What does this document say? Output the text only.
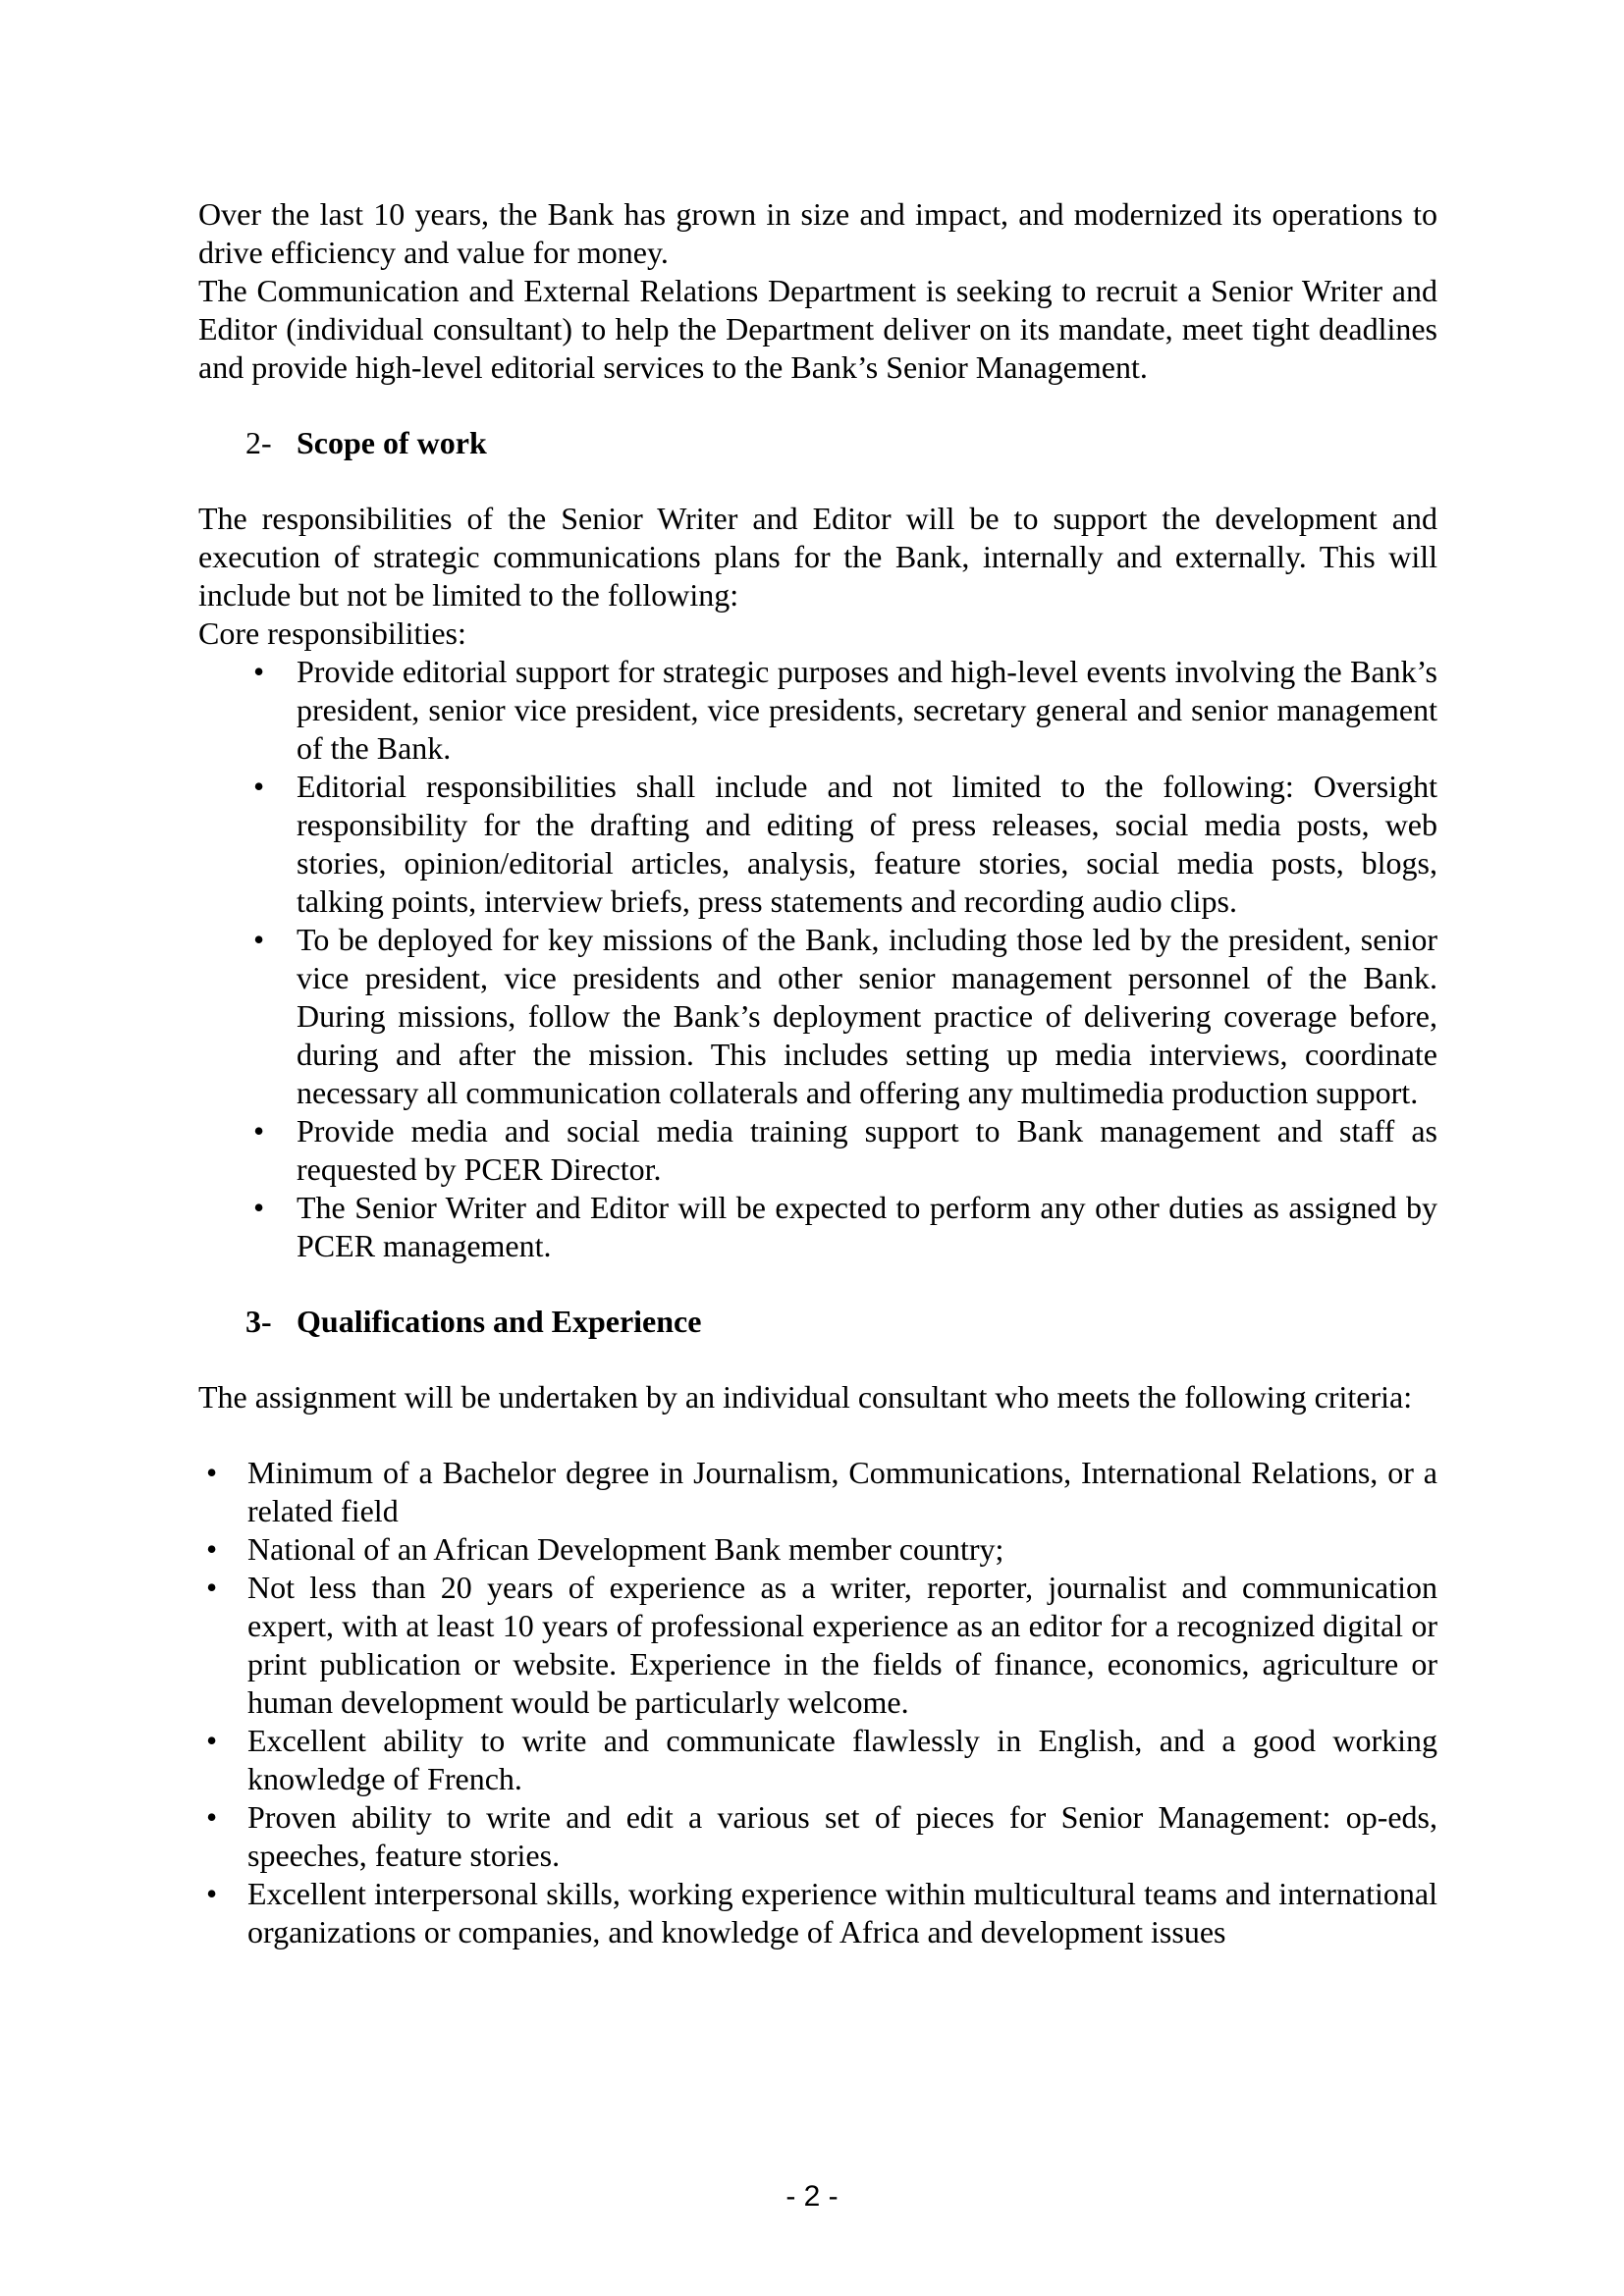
Over the last 10 years, the Bank has grown in size and impact, and modernized its operations to drive efficiency and value for money.

The Communication and External Relations Department is seeking to recruit a Senior Writer and Editor (individual consultant) to help the Department deliver on its mandate, meet tight deadlines and provide high-level editorial services to the Bank’s Senior Management.

2- Scope of work

The responsibilities of the Senior Writer and Editor will be to support the development and execution of strategic communications plans for the Bank, internally and externally. This will include but not be limited to the following:

Core responsibilities:

• Provide editorial support for strategic purposes and high-level events involving the Bank’s president, senior vice president, vice presidents, secretary general and senior management of the Bank.
• Editorial responsibilities shall include and not limited to the following: Oversight responsibility for the drafting and editing of press releases, social media posts, web stories, opinion/editorial articles, analysis, feature stories, social media posts, blogs, talking points, interview briefs, press statements and recording audio clips.
• To be deployed for key missions of the Bank, including those led by the president, senior vice president, vice presidents and other senior management personnel of the Bank. During missions, follow the Bank’s deployment practice of delivering coverage before, during and after the mission. This includes setting up media interviews, coordinate necessary all communication collaterals and offering any multimedia production support.
• Provide media and social media training support to Bank management and staff as requested by PCER Director.
• The Senior Writer and Editor will be expected to perform any other duties as assigned by PCER management.
3- Qualifications and Experience

The assignment will be undertaken by an individual consultant who meets the following criteria:

• Minimum of a Bachelor degree in Journalism, Communications, International Relations, or a related field
• National of an African Development Bank member country;
• Not less than 20 years of experience as a writer, reporter, journalist and communication expert, with at least 10 years of professional experience as an editor for a recognized digital or print publication or website. Experience in the fields of finance, economics, agriculture or human development would be particularly welcome.
• Excellent ability to write and communicate flawlessly in English, and a good working knowledge of French.
• Proven ability to write and edit a various set of pieces for Senior Management: op-eds, speeches, feature stories.
• Excellent interpersonal skills, working experience within multicultural teams and international organizations or companies, and knowledge of Africa and development issues
- 2 -
